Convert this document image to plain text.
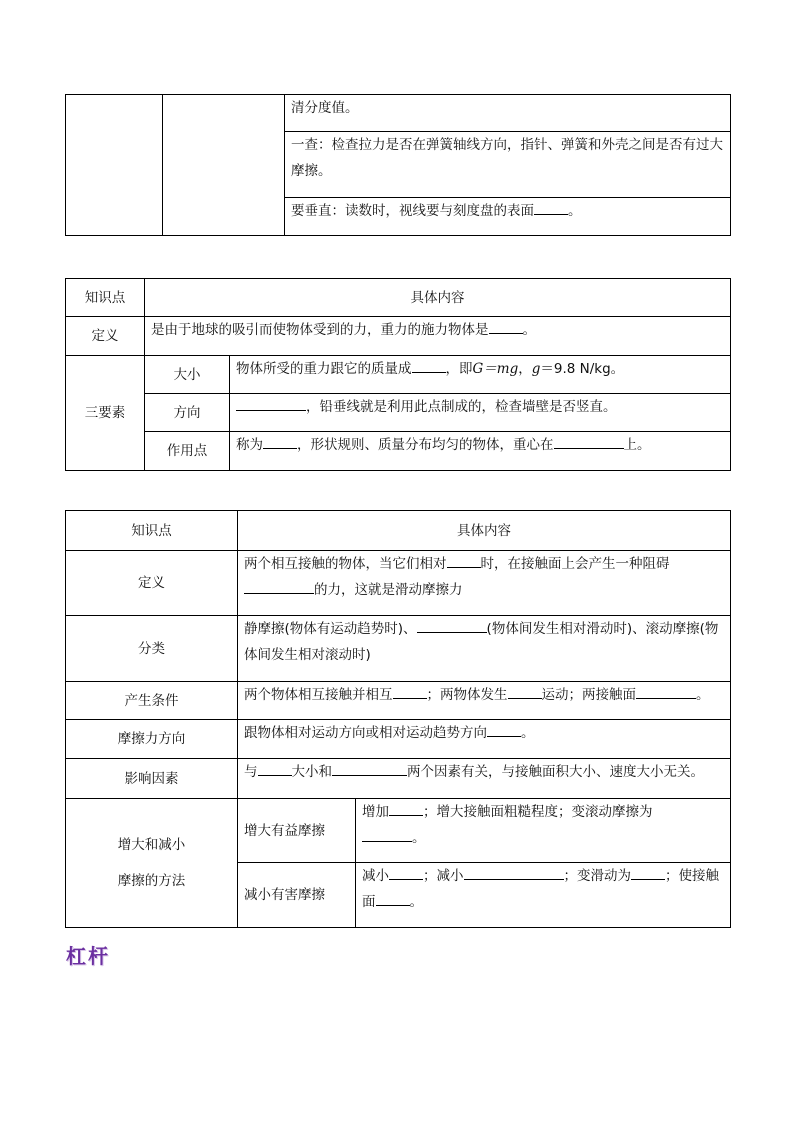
		清分度值。
一查：检查拉力是否在弹簧轴线方向，指针、弹簧和外壳之间是否有过大摩擦。
要垂直：读数时，视线要与刻度盘的表面	。
知识点	具体内容	
定义	是由于地球的吸引而使物体受到的力，重力的施力物体是 。	
三要素	大小	物体所受的重力跟它的质量成 ，即G＝mg，g＝9.8 N/kg。
	方向	，铅垂线就是利用此点制成的，检查墙壁是否竖直。
	作用点	称为 ，形状规则、质量分布均匀的物体，重心在 上。
知识点	具体内容	
定义	两个相互接触的物体，当它们相对 时，在接触面上会产生一种阻碍
的力，这就是滑动摩擦力	
分类	静摩擦(物体有运动趋势时)、 (物体间发生相对滑动时)、滚动摩擦(物体间发生相对滚动时)	
产生条件	两个物体相互接触并相互 ；两物体发生 运动；两接触面 。	
摩擦力方向	跟物体相对运动方向或相对运动趋势方向 。	
影响因素	与 大小和 两个因素有关，与接触面积大小、速度大小无关。	
增大和减小
摩擦的方法	增大有益摩擦	增加 ；增大接触面粗糙程度；变滚动摩擦为
。
	减小有害摩擦	减小 ；减小 ；变滑动为 ；使接触面 。
杠杆
